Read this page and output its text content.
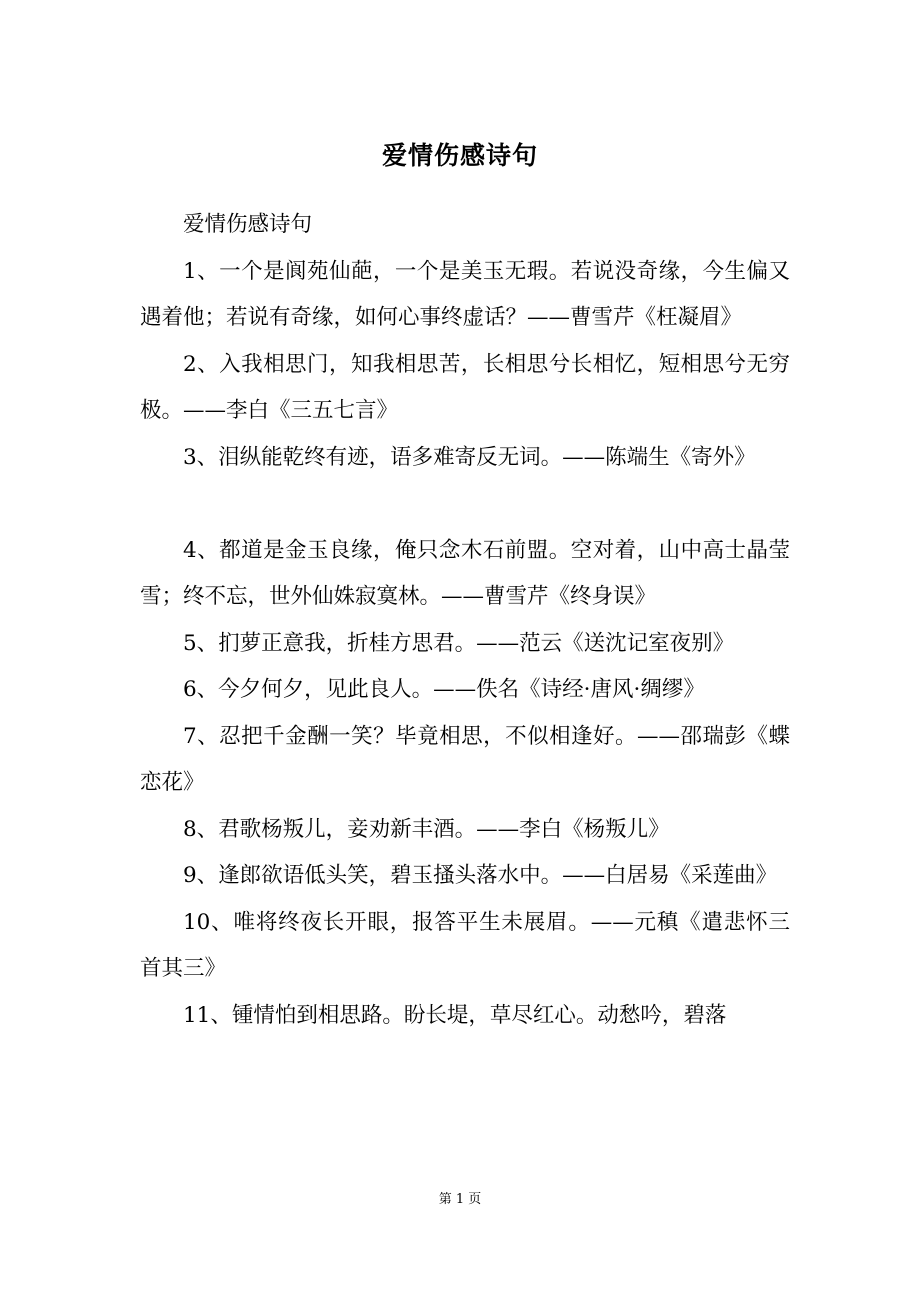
爱情伤感诗句

爱情伤感诗句

1、一个是阆苑仙葩，一个是美玉无瑕。若说没奇缘，今生偏又遇着他；若说有奇缘，如何心事终虚话？——曹雪芹《枉凝眉》

2、入我相思门，知我相思苦，长相思兮长相忆，短相思兮无穷极。——李白《三五七言》

3、泪纵能乾终有迹，语多难寄反无词。——陈端生《寄外》

4、都道是金玉良缘，俺只念木石前盟。空对着，山中高士晶莹雪；终不忘，世外仙姝寂寞林。——曹雪芹《终身误》

5、扪萝正意我，折桂方思君。——范云《送沈记室夜别》

6、今夕何夕，见此良人。——佚名《诗经·唐风·绸缪》

7、忍把千金酬一笑？毕竟相思，不似相逢好。——邵瑞彭《蝶恋花》

8、君歌杨叛儿，妾劝新丰酒。——李白《杨叛儿》

9、逢郎欲语低头笑，碧玉搔头落水中。——白居易《采莲曲》

10、唯将终夜长开眼，报答平生未展眉。——元稹《遣悲怀三首其三》

11、锺情怕到相思路。盼长堤，草尽红心。动愁吟，碧落

第 1 页
